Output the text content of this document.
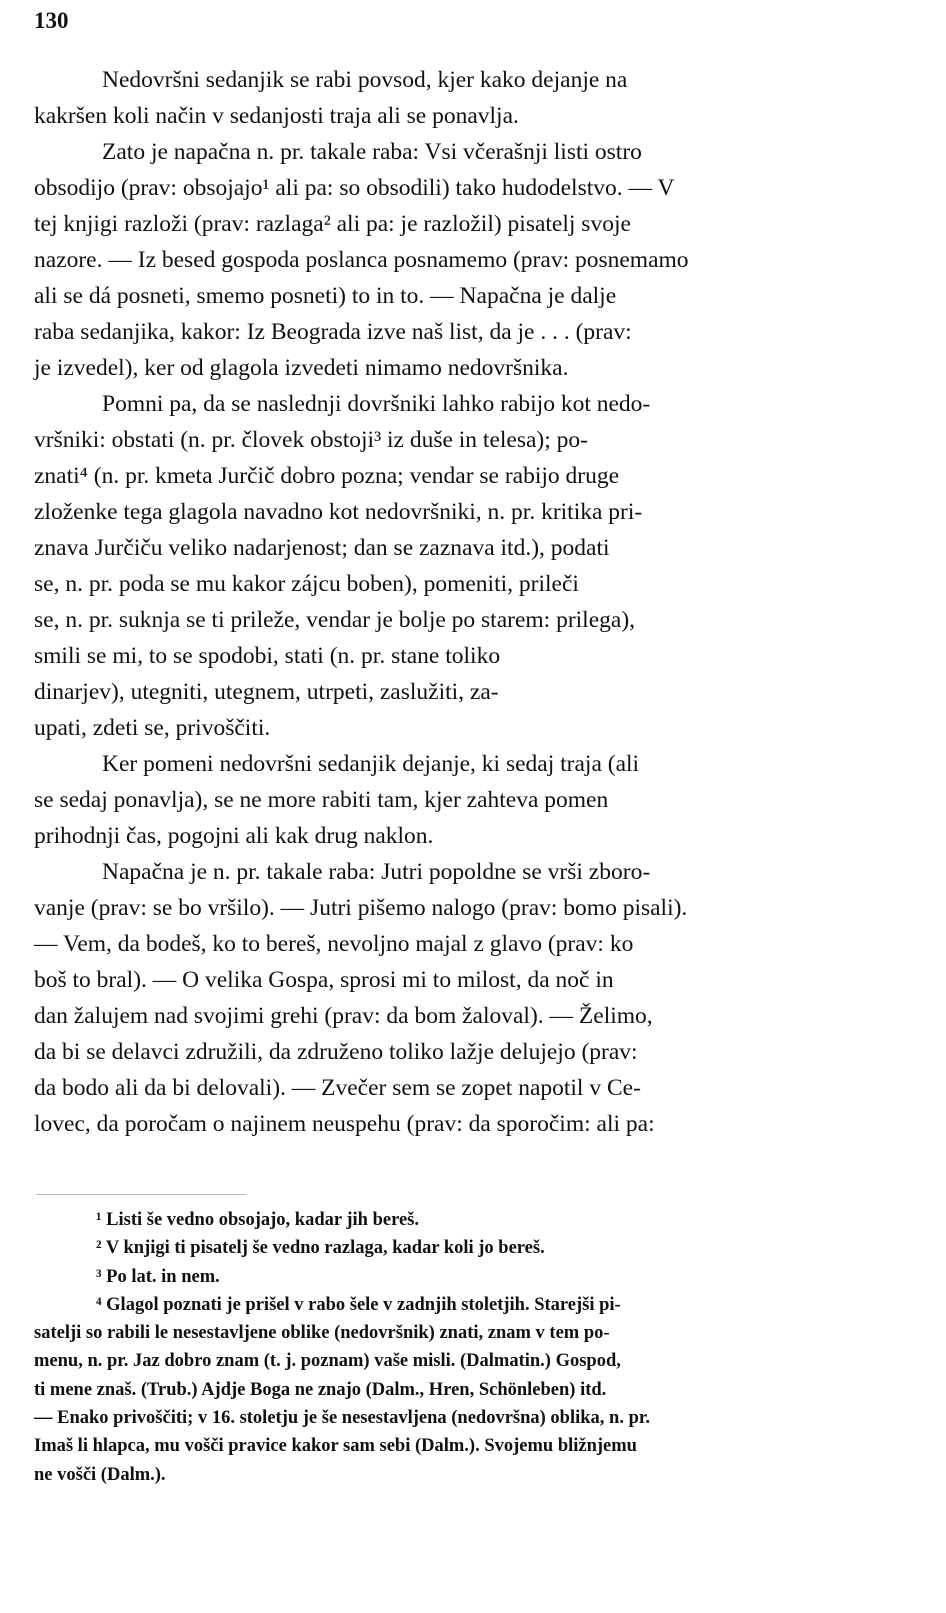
130
Nedovršni sedanjik se rabi povsod, kjer kako dejanje na
kakršen koli način v sedanjosti traja ali se ponavlja.
Zato je napačna n. pr. takale raba: Vsi včerašnji listi ostro
obsodijo (prav: obsojajo¹ ali pa: so obsodili) tako hudodelstvo. — V
tej knjigi razloži (prav: razlaga² ali pa: je razložil) pisatelj svoje
nazore. — Iz besed gospoda poslanca posnamemo (prav: posnemamo
ali se dá posneti, smemo posneti) to in to. — Napačna je dalje
raba sedanjika, kakor: Iz Beograda izve naš list, da je . . . (prav:
je izvedel), ker od glagola izvedeti nimamo nedovršnika.
Pomni pa, da se naslednji dovršniki lahko rabijo kot nedo-
vršniki: obstati (n. pr. človek obstoji³ iz duše in telesa); po-
znati⁴ (n. pr. kmeta Jurčič dobro pozna; vendar se rabijo druge
zloženke tega glagola navadno kot nedovršniki, n. pr. kritika pri-
znava Jurčiču veliko nadarjenost; dan se zaznava itd.), podati
se, n. pr. poda se mu kakor zájcu boben), pomeniti, prileči
se, n. pr. suknja se ti prileže, vendar je bolje po starem: prilega),
smili se mi, to se spodobi, stati (n. pr. stane toliko
dinarjev), utegniti, utegnem, utrpeti, zaslužiti, za-
upati, zdeti se, privoščiti.
Ker pomeni nedovršni sedanjik dejanje, ki sedaj traja (ali
se sedaj ponavlja), se ne more rabiti tam, kjer zahteva pomen
prihodnji čas, pogojni ali kak drug naklon.
Napačna je n. pr. takale raba: Jutri popoldne se vrši zboro-
vanje (prav: se bo vršilo). — Jutri pišemo nalogo (prav: bomo pisali).
— Vem, da bodeš, ko to bereš, nevoljno majal z glavo (prav: ko
boš to bral). — O velika Gospa, sprosi mi to milost, da noč in
dan žalujem nad svojimi grehi (prav: da bom žaloval). — Želimo,
da bi se delavci združili, da združeno toliko lažje delujejo (prav:
da bodo ali da bi delovali). — Zvečer sem se zopet napotil v Ce-
lovec, da poročam o najinem neuspehu (prav: da sporočim: ali pa:
¹ Listi še vedno obsojajo, kadar jih bereš.
² V knjigi ti pisatelj še vedno razlaga, kadar koli jo bereš.
³ Po lat. in nem.
⁴ Glagol poznati je prišel v rabo šele v zadnjih stoletjih. Starejši pi-
satelji so rabili le nesestavljene oblike (nedovršnik) znati, znam v tem po-
menu, n. pr. Jaz dobro znam (t. j. poznam) vaše misli. (Dalmatin.) Gospod,
ti mene znaš. (Trub.) Ajdje Boga ne znajo (Dalm., Hren, Schönleben) itd.
— Enako privoščiti; v 16. stoletju je še nesestavljena (nedovršna) oblika, n. pr.
Imaš li hlapca, mu vošči pravice kakor sam sebi (Dalm.). Svojemu bližnjemu
ne vošči (Dalm.).
